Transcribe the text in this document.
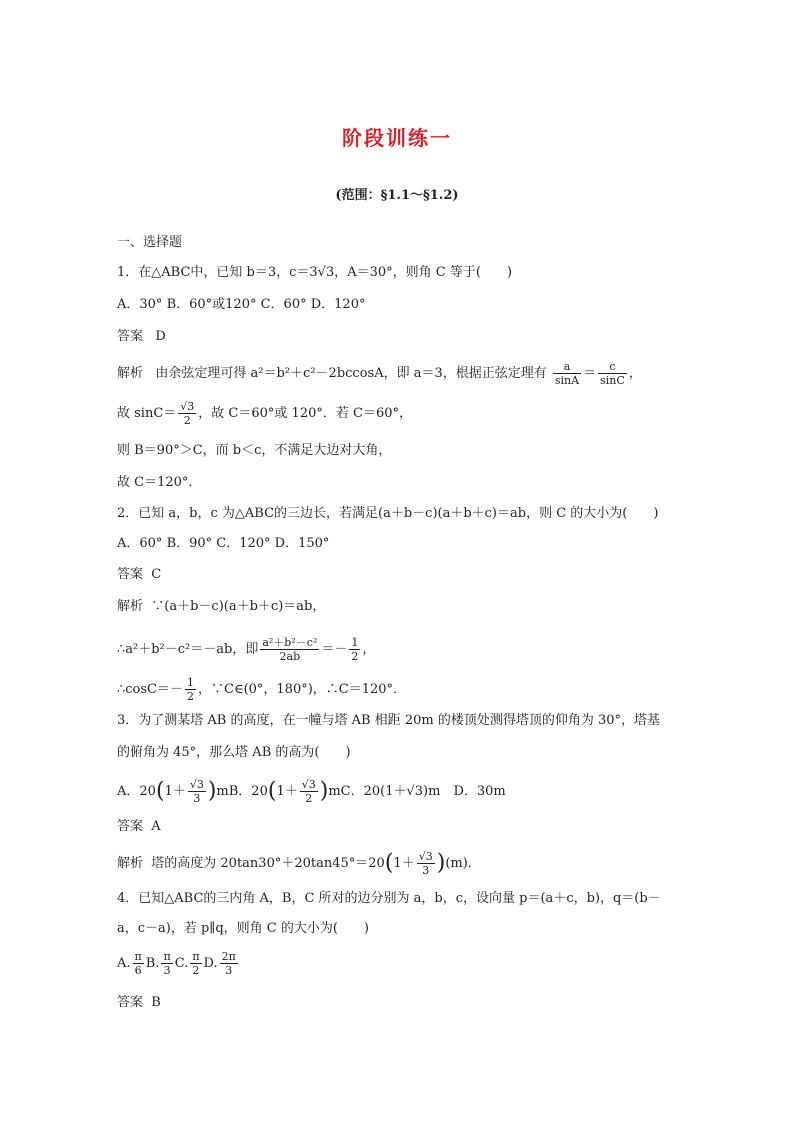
阶段训练一
(范围：§1.1～§1.2)
一、选择题
1．在△ABC中，已知 b＝3，c＝3√3，A＝30°，则角 C 等于(　　)
A．30° B．60°或120° C．60° D．120°
答案 D
解析 由余弦定理可得 a²＝b²＋c²－2bccosA，即 a＝3，根据正弦定理有 $\frac{a}{\sin A} = \frac{c}{\sin C}$ ，
故 $\sin C= \frac{√3}{2}$ ，故 C＝60°或 120°．若 C＝60°，
则 B＝90°＞C，而 b＜c，不满足大边对大角，
故 C＝120°．
2．已知 a，b，c 为△ABC的三边长，若满足(a＋b－c)(a＋b＋c)＝ab，则 C 的大小为(　　)
A．60° B．90° C．120° D．150°
答案 C
解析 ∵(a＋b－c)(a＋b＋c)＝ab，
∴a²＋b²－c²＝－ab，即 $\frac{\text{a²＋b²－c²}}{2ab} =- \frac{1}{2}$ ，
∴cosC＝－ $\frac{1}{2}$ ，∵C∈(0°，180°)，∴C＝120°．
3．为了测某塔 AB 的高度，在一幢与塔 AB 相距 20m 的楼顶处测得塔顶的仰角为 30°，塔基
的俯角为 45°，那么塔 AB 的高为(　　)
A．$20(1+ \frac{√3}{3} )mB$．$20(1+ \frac{√3}{2} )mC$．20(1＋√3)m　D．30m
答案 A
解析 塔的高度为 $20\tan 30^\circ+20\tan 45^\circ=20(1+ \frac{√3}{3} )(m)$．
4．已知△ABC的三内角 A，B，C 所对的边分别为 a，b，c，设向量 p＝(a＋c，b)，q＝(b－
a，c－a)，若 p∥q，则角 C 的大小为(　　)
A. $\frac{\pi}{6} B$. $\frac{\pi}{3} C$. $\frac{\pi}{2} D$. $\frac{2\pi}{3}$
答案 B
